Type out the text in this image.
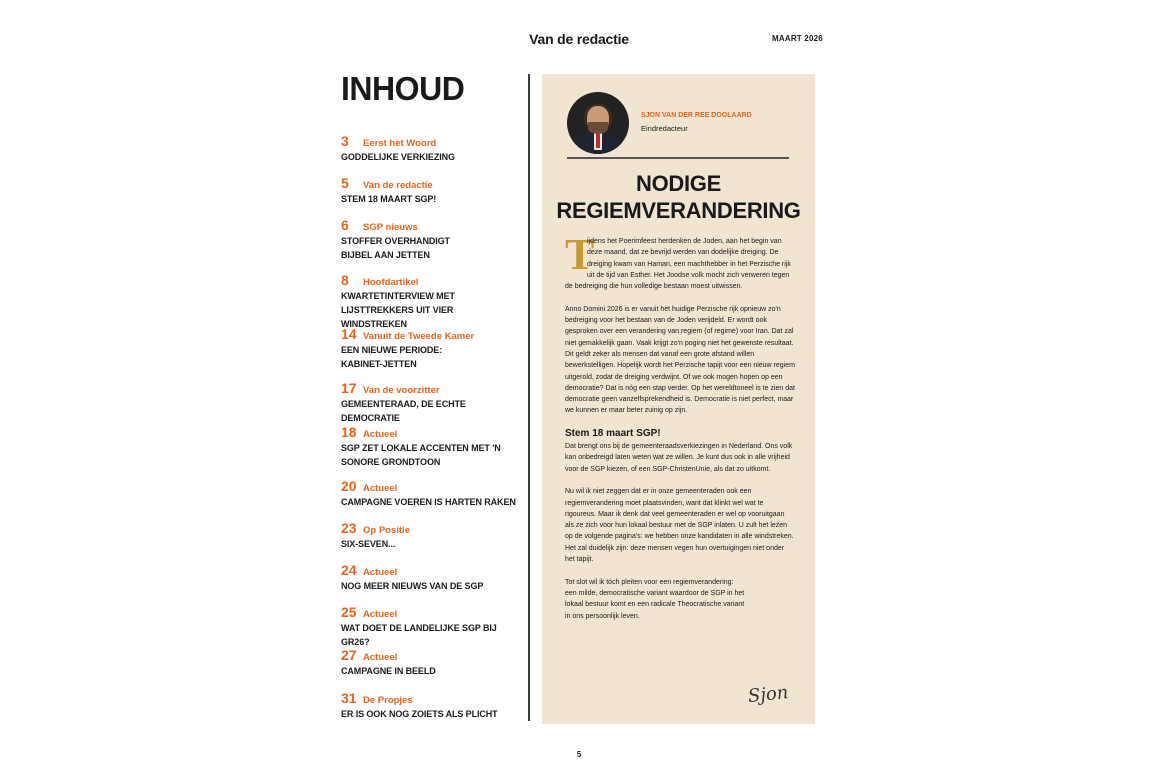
Van de redactie	MAART 2026
INHOUD
3	Eerst het Woord
GODDELIJKE VERKIEZING
5	Van de redactie
STEM 18 MAART SGP!
6	SGP nieuws
STOFFER OVERHANDIGT BIJBEL AAN JETTEN
8	Hoofdartikel
KWARTETINTERVIEW MET LIJSTTREKKERS UIT VIER WINDSTREKEN
14 Vanuit de Tweede Kamer
EEN NIEUWE PERIODE: KABINET-JETTEN
17 Van de voorzitter
GEMEENTERAAD, DE ECHTE DEMOCRATIE
18 Actueel
SGP ZET LOKALE ACCENTEN MET 'N SONORE GRONDTOON
20 Actueel
CAMPAGNE VOEREN IS HARTEN RAKEN
23 Op Positie
SIX-SEVEN...
24 Actueel
NOG MEER NIEUWS VAN DE SGP
25 Actueel
WAT DOET DE LANDELIJKE SGP BIJ GR26?
27 Actueel
CAMPAGNE IN BEELD
31 De Propjes
ER IS OOK NOG ZOIETS ALS PLICHT
SJON VAN DER REE DOOLAARD
Eindredacteur
NODIGE REGIEMVERANDERING

T
ijdens het Poerimfeest herdenken de Joden, aan het begin van deze maand, dat ze bevrijd werden van dodelijke dreiging. De dreiging kwam van Haman, een machthebber in het Perzische rijk uit de tijd van Esther. Het Joodse volk mocht zich verweren tegen de bedreiging die hun volledige bestaan moest uitwissen.

Anno Domini 2026 is er vanuit het huidige Perzische rijk opnieuw zo'n bedreiging voor het bestaan van de Joden verijdeld. Er wordt ook gesproken over een verandering van regiem (of regime) voor Iran. Dat zal niet gemakkelijk gaan. Vaak krijgt zo'n poging niet het gewenste resultaat. Dit geldt zeker als mensen dat vanaf een grote afstand willen bewerkstelligen. Hopelijk wordt het Perzische tapijt voor een nieuw regiem uitgerold, zodat de dreiging verdwijnt. Of we ook mogen hopen op een democratie? Dat is nóg een stap verder. Op het wereldtoneel is te zien dat democratie geen vanzelfsprekendheid is. Democratie is niet perfect, maar we kunnen er maar beter zuinig op zijn.

Stem 18 maart SGP!

Dat brengt ons bij de gemeenteraadsverkiezingen in Nederland. Ons volk kan onbedreigd laten weten wat ze willen. Je kunt dus ook in alle vrijheid voor de SGP kiezen, of een SGP-ChristenUnie, als dat zo uitkomt.

Nu wil ik niet zeggen dat er in onze gemeenteraden ook een regiemverandering moet plaatsvinden, want dat klinkt wel wat te rigoureus. Maar ik denk dat veel gemeenteraden er wel op vooruitgaan als ze zich voor hun lokaal bestuur met de SGP inlaten. U zult het lezen op de volgende pagina's: we hebben onze kandidaten in alle windstreken. Het zal duidelijk zijn: deze mensen vegen hun overtuigingen niet onder het tapijt.

Tot slot wil ik tóch pleiten voor een regiemverandering: een milde, democratische variant waardoor de SGP in het lokaal bestuur komt en een radicale Theocratische variant in ons persoonlijk leven.

Sjon
5
